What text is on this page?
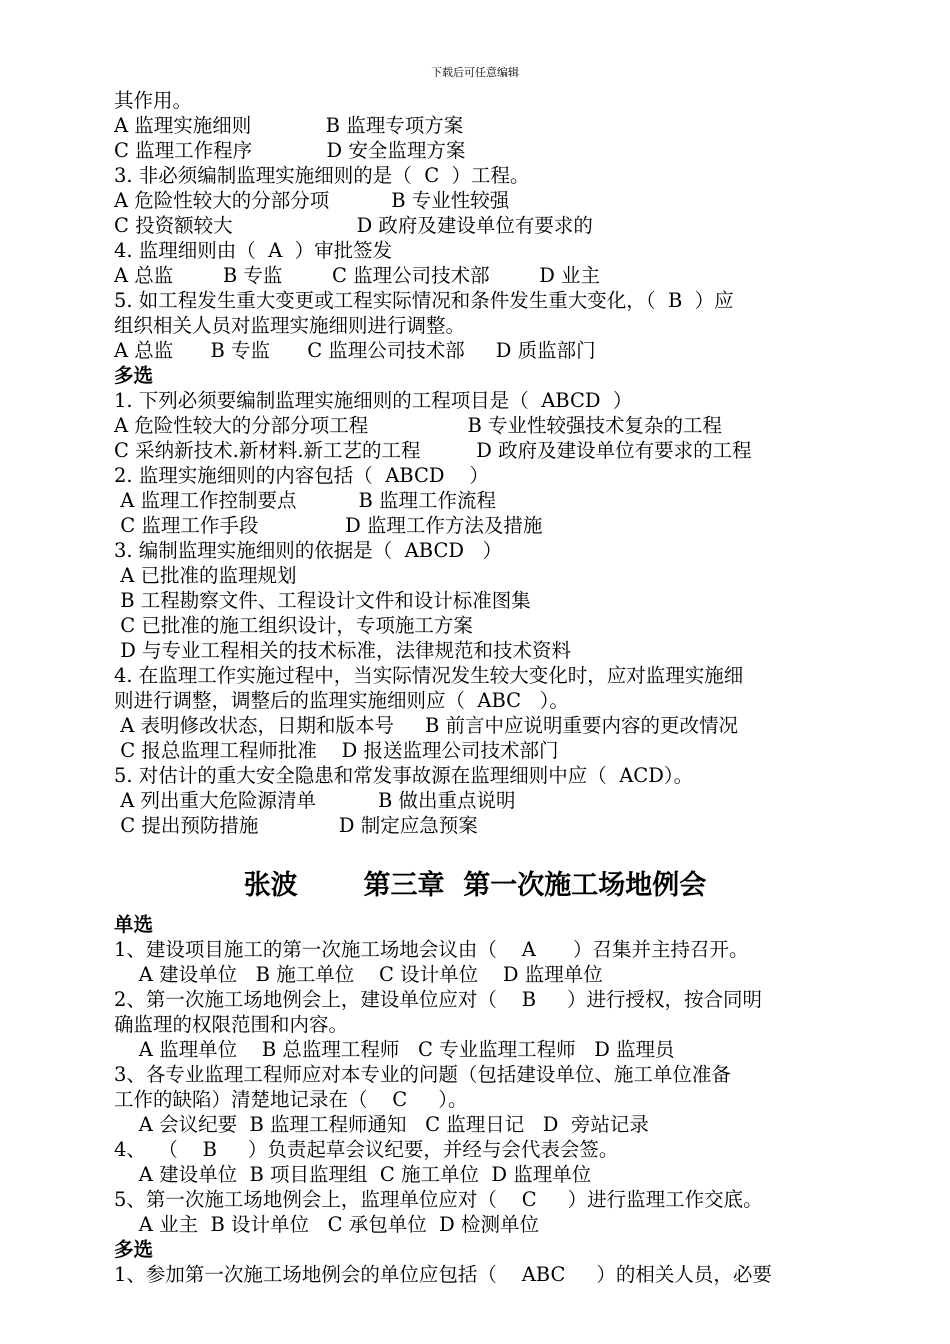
下载后可任意编辑
其作用。
A 监理实施细则            B 监理专项方案
C 监理工作程序            D 安全监理方案
3. 非必须编制监理实施细则的是（  C  ）工程。
A 危险性较大的分部分项          B 专业性较强
C 投资额较大                    D 政府及建设单位有要求的
4. 监理细则由（  A  ）审批签发
A 总监        B 专监        C 监理公司技术部        D 业主
5. 如工程发生重大变更或工程实际情况和条件发生重大变化，（  B  ）应
组织相关人员对监理实施细则进行调整。
A 总监      B 专监      C 监理公司技术部     D 质监部门
多选
1. 下列必须要编制监理实施细则的工程项目是（  ABCD  ）
A 危险性较大的分部分项工程                B 专业性较强技术复杂的工程
C 采纳新技术.新材料.新工艺的工程         D 政府及建设单位有要求的工程
2. 监理实施细则的内容包括（  ABCD    ）
A 监理工作控制要点          B 监理工作流程
C 监理工作手段              D 监理工作方法及措施
3. 编制监理实施细则的依据是（  ABCD   ）
A 已批准的监理规划
B 工程勘察文件、工程设计文件和设计标准图集
C 已批准的施工组织设计，专项施工方案
D 与专业工程相关的技术标准，法律规范和技术资料
4. 在监理工作实施过程中，当实际情况发生较大变化时，应对监理实施细
则进行调整，调整后的监理实施细则应（  ABC   ）。
A 表明修改状态，日期和版本号     B 前言中应说明重要内容的更改情况
C 报总监理工程师批准    D 报送监理公司技术部门
5. 对估计的重大安全隐患和常发事故源在监理细则中应（  ACD）。
A 列出重大危险源清单          B 做出重点说明
C 提出预防措施             D 制定应急预案
张波       第三章  第一次施工场地例会
单选
1、建设项目施工的第一次施工场地会议由（    A      ）召集并主持召开。
A 建设单位   B 施工单位    C 设计单位    D 监理单位
2、第一次施工场地例会上，建设单位应对（    B     ）进行授权，按合同明
确监理的权限范围和内容。
A 监理单位    B 总监理工程师   C 专业监理工程师   D 监理员
3、各专业监理工程师应对本专业的问题（包括建设单位、施工单位准备
工作的缺陷）清楚地记录在（    C     ）。
A 会议纪要  B 监理工程师通知   C 监理日记   D  旁站记录
4、  （    B     ）负责起草会议纪要，并经与会代表会签。
A 建设单位  B 项目监理组  C 施工单位  D 监理单位
5、第一次施工场地例会上，监理单位应对（    C     ）进行监理工作交底。
A 业主  B 设计单位   C 承包单位  D 检测单位
多选
1、参加第一次施工场地例会的单位应包括（    ABC     ）的相关人员，必要
